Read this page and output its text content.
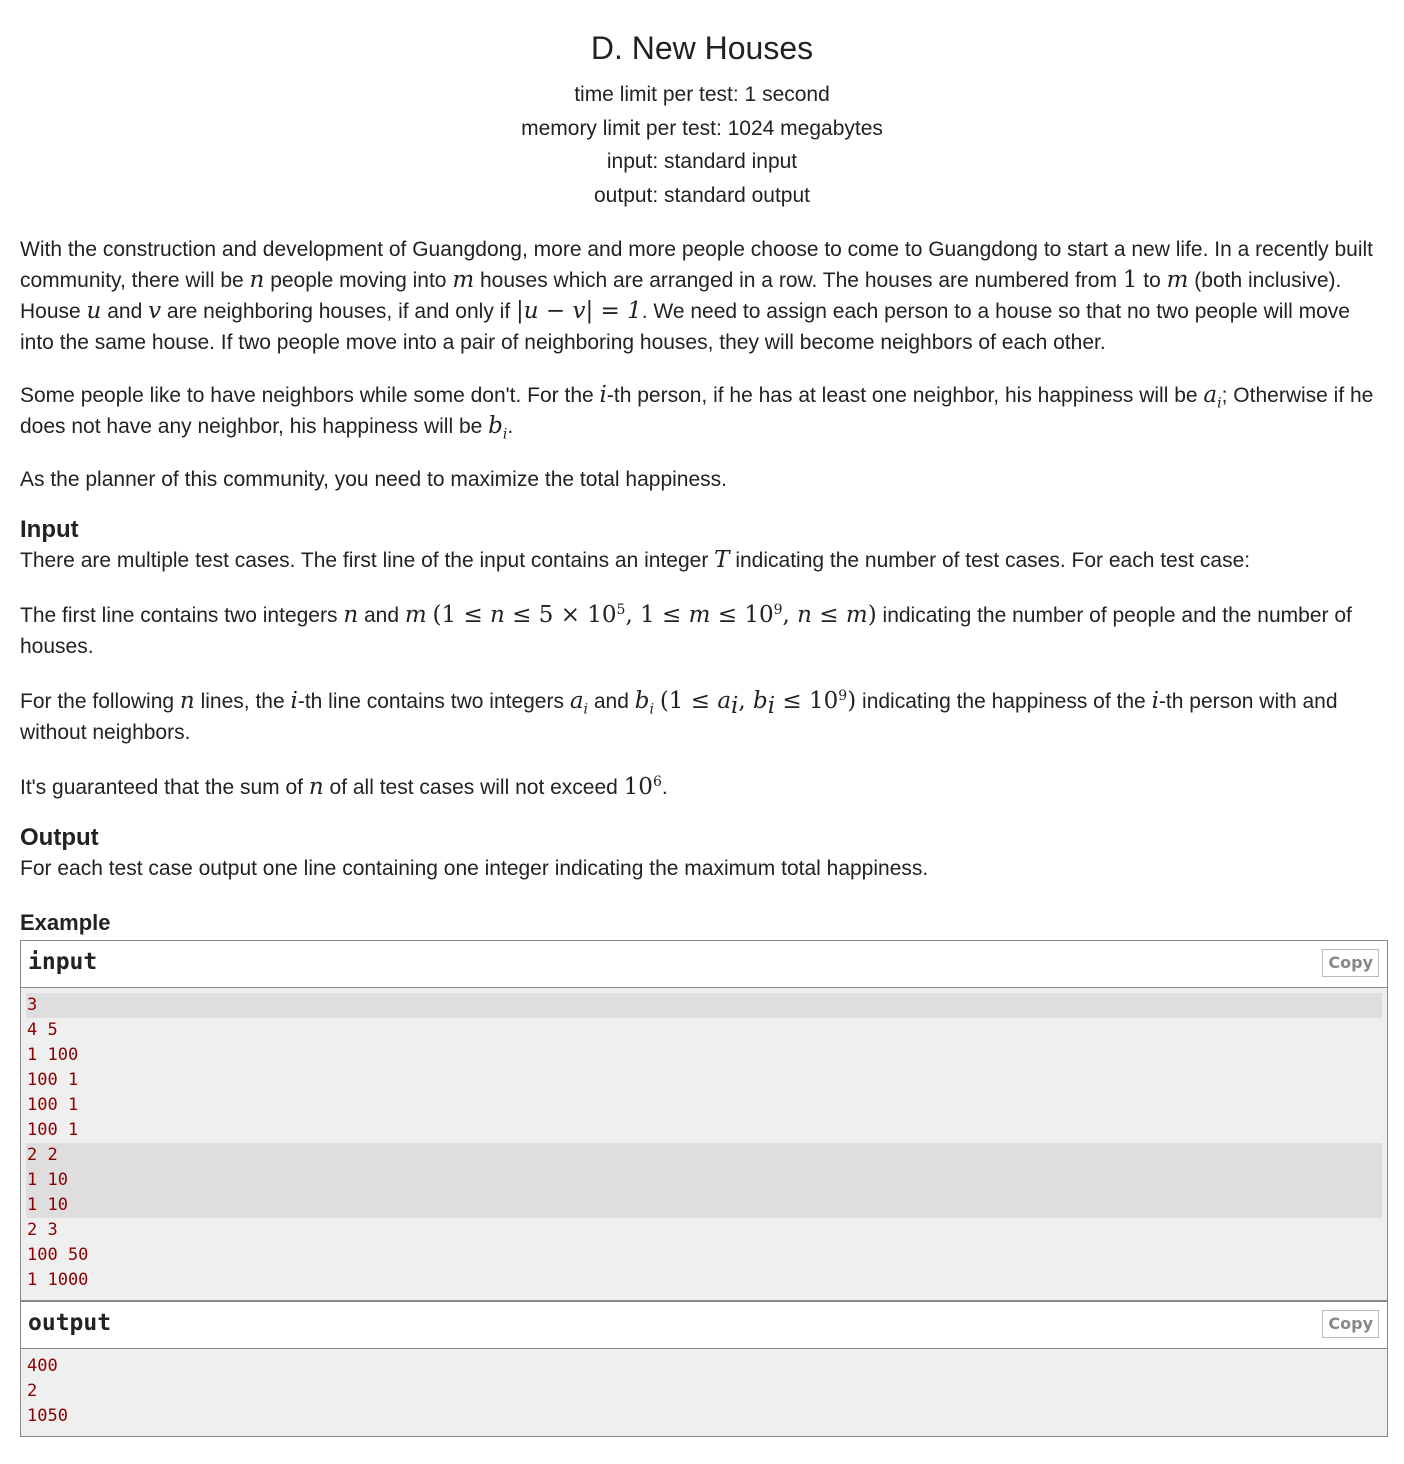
D. New Houses
time limit per test: 1 second
memory limit per test: 1024 megabytes
input: standard input
output: standard output

With the construction and development of Guangdong, more and more people choose to come to Guangdong to start a new life. In a recently built community, there will be n people moving into m houses which are arranged in a row. The houses are numbered from 1 to m (both inclusive). House u and v are neighboring houses, if and only if |u − v| = 1. We need to assign each person to a house so that no two people will move into the same house. If two people move into a pair of neighboring houses, they will become neighbors of each other.

Some people like to have neighbors while some don't. For the i-th person, if he has at least one neighbor, his happiness will be $a_i$; Otherwise if he does not have any neighbor, his happiness will be $b_i$.

As the planner of this community, you need to maximize the total happiness.

Input

There are multiple test cases. The first line of the input contains an integer T indicating the number of test cases. For each test case:

The first line contains two integers n and m ($1 \le n \le 5 \times 10^5$, $1 \le m \le 10^9$, n ≤ m) indicating the number of people and the number of houses.

For the following n lines, the i-th line contains two integers $a_i$ and $b_i$ ($1 \le a_i$, $b_i \le 10^9$) indicating the happiness of the i-th person with and without neighbors.

It's guaranteed that the sum of n of all test cases will not exceed $10^6$.

Output

For each test case output one line containing one integer indicating the maximum total happiness.

Example
input	Copy
3
4 5
1 100
100 1
100 1
100 1
2 2
1 10
1 10
2 3
100 50
1 1000
output	Copy
400
2
1050
